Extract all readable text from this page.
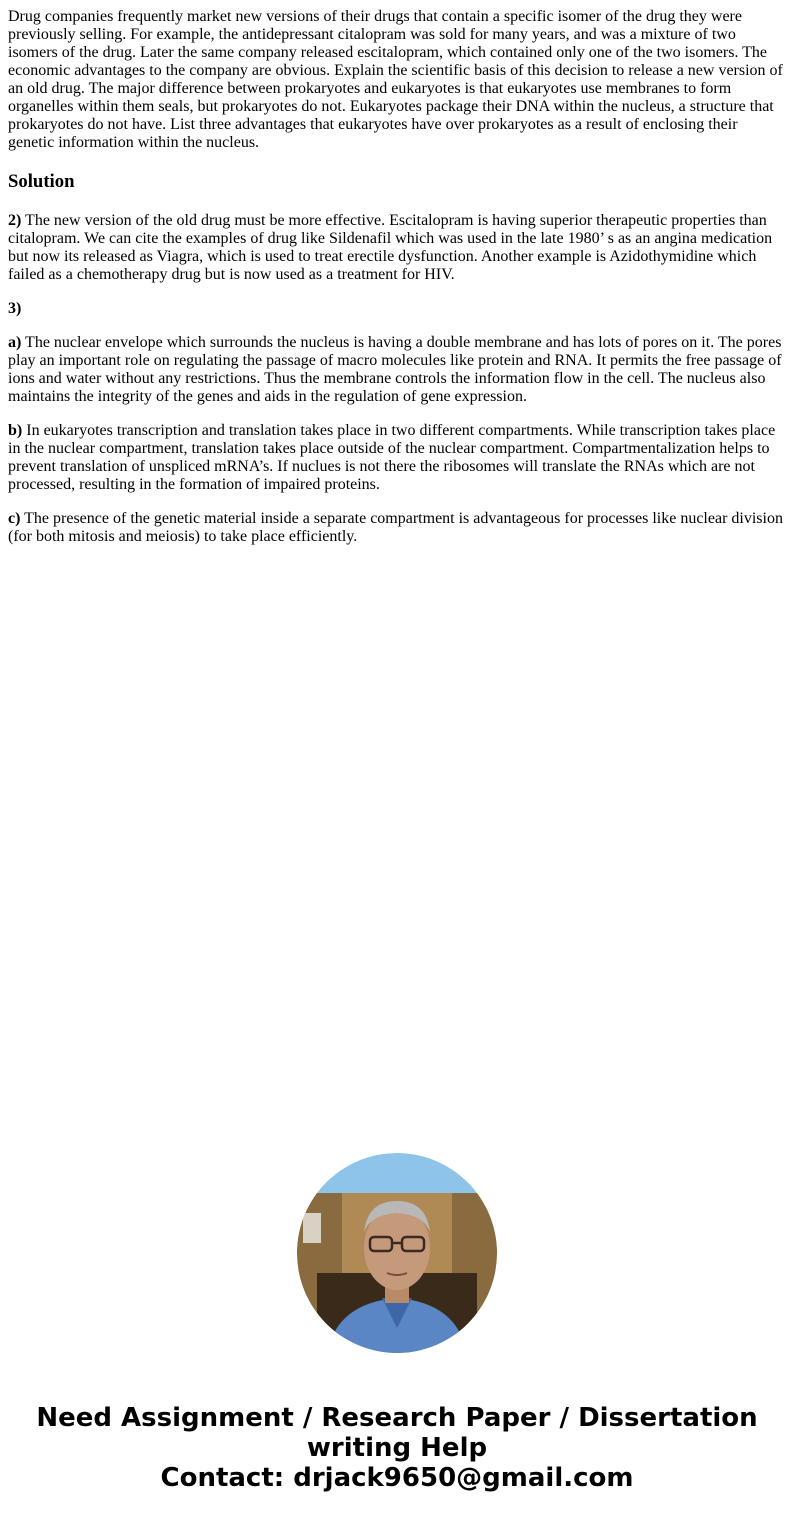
Drug companies frequently market new versions of their drugs that contain a specific isomer of the drug they were previously selling. For example, the antidepressant citalopram was sold for many years, and was a mixture of two isomers of the drug. Later the same company released escitalopram, which contained only one of the two isomers. The economic advantages to the company are obvious. Explain the scientific basis of this decision to release a new version of an old drug. The major difference between prokaryotes and eukaryotes is that eukaryotes use membranes to form organelles within them seals, but prokaryotes do not. Eukaryotes package their DNA within the nucleus, a structure that prokaryotes do not have. List three advantages that eukaryotes have over prokaryotes as a result of enclosing their genetic information within the nucleus.

Solution

2) The new version of the old drug must be more effective. Escitalopram is having superior therapeutic properties than citalopram. We can cite the examples of drug like Sildenafil which was used in the late 1980’ s as an angina medication but now its released as Viagra, which is used to treat erectile dysfunction. Another example is Azidothymidine which failed as a chemotherapy drug but is now used as a treatment for HIV.

3)

a) The nuclear envelope which surrounds the nucleus is having a double membrane and has lots of pores on it. The pores play an important role on regulating the passage of macro molecules like protein and RNA. It permits the free passage of ions and water without any restrictions. Thus the membrane controls the information flow in the cell. The nucleus also maintains the integrity of the genes and aids in the regulation of gene expression.

b) In eukaryotes transcription and translation takes place in two different compartments. While transcription takes place in the nuclear compartment, translation takes place outside of the nuclear compartment. Compartmentalization helps to prevent translation of unspliced mRNA’s. If nuclues is not there the ribosomes will translate the RNAs which are not processed, resulting in the formation of impaired proteins.

c) The presence of the genetic material inside a separate compartment is advantageous for processes like nuclear division (for both mitosis and meiosis) to take place efficiently.

Need Assignment / Research Paper / Dissertation
writing Help
Contact: drjack9650@gmail.com
